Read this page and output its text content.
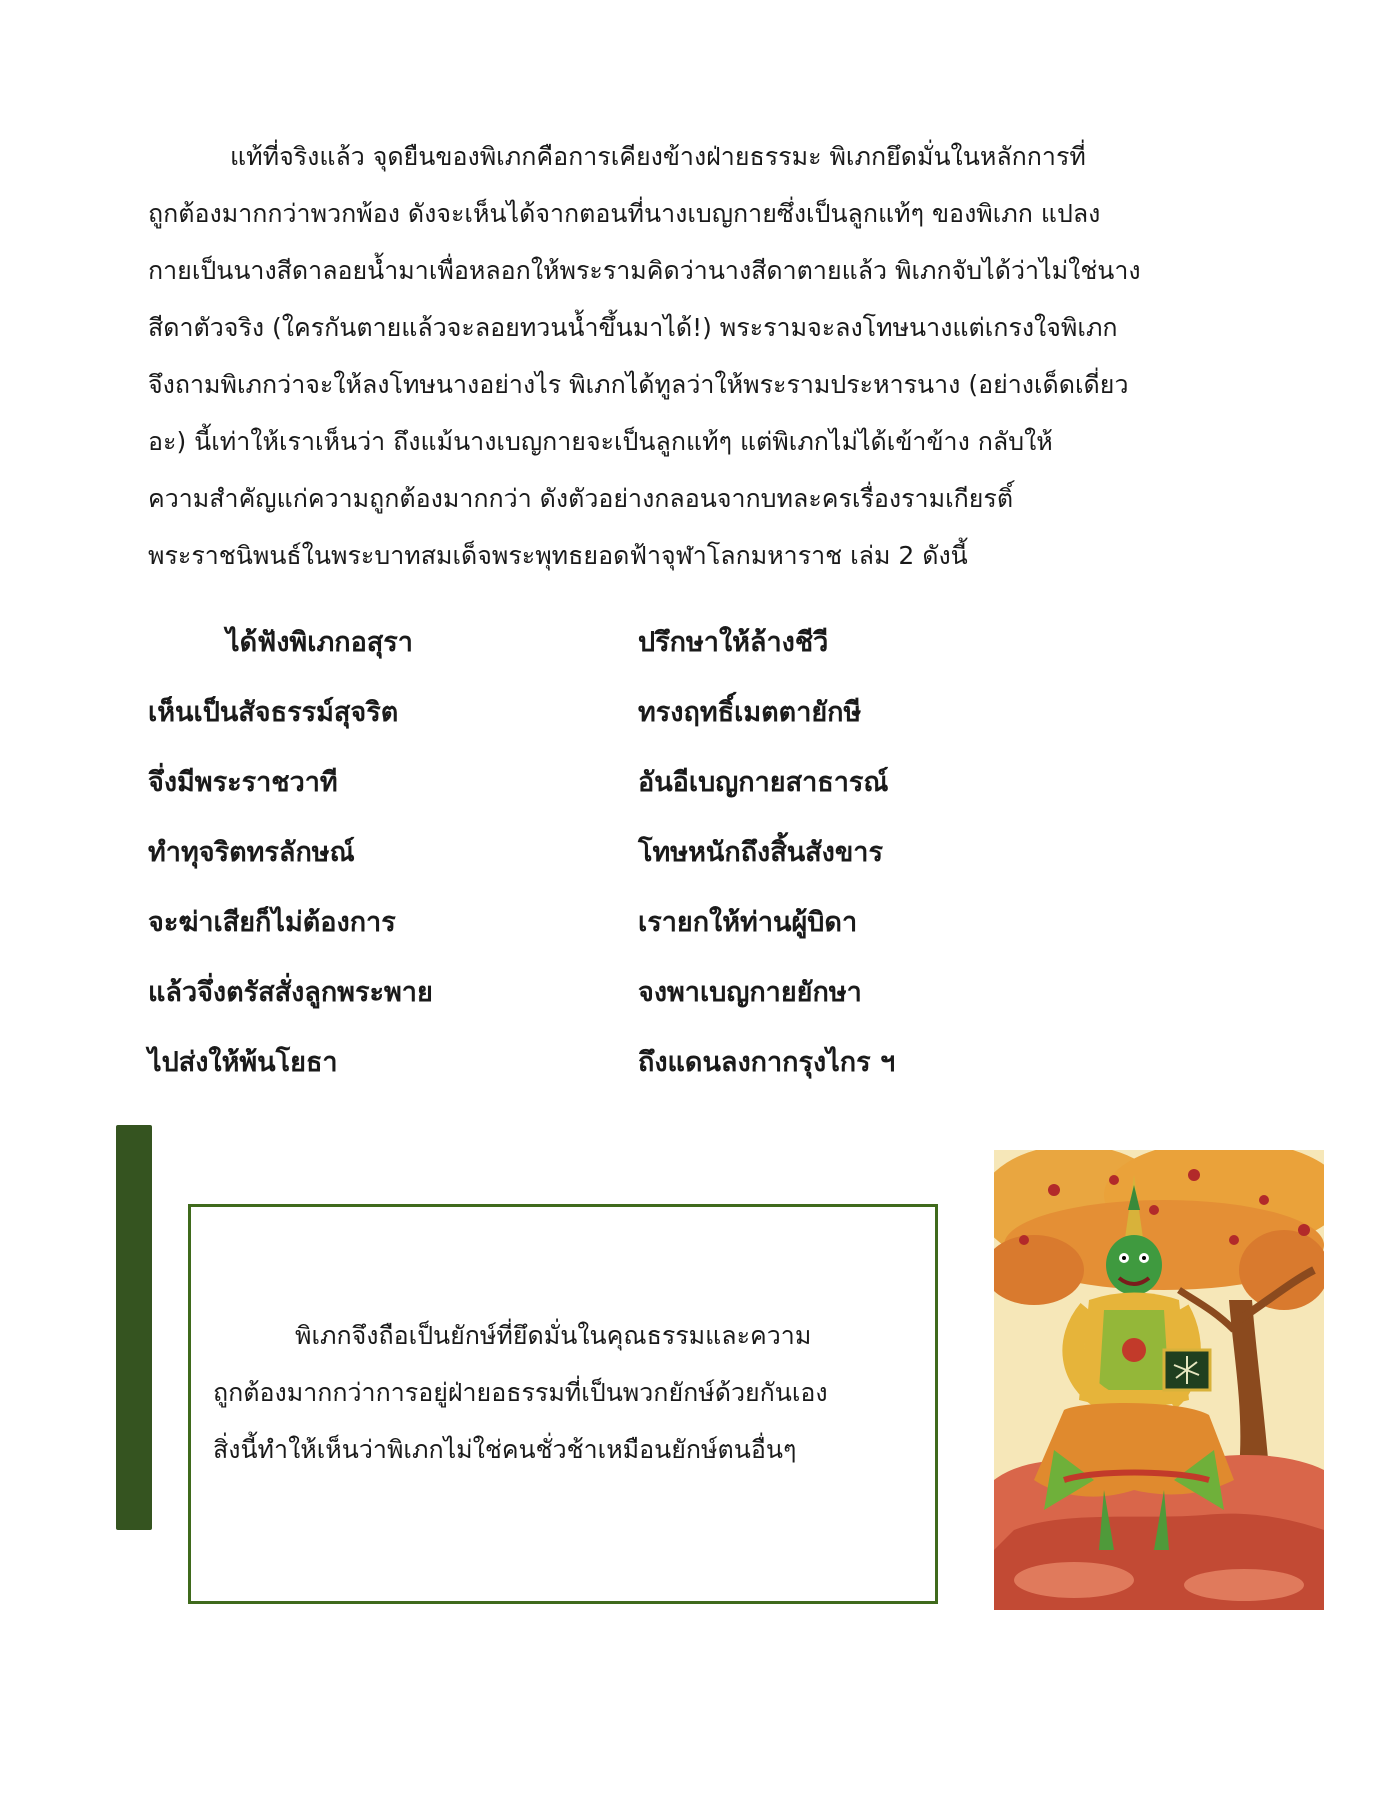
แท้ที่จริงแล้ว จุดยืนของพิเภกคือการเคียงข้างฝ่ายธรรมะ พิเภกยึดมั่นในหลักการที่
ถูกต้องมากกว่าพวกพ้อง ดังจะเห็นได้จากตอนที่นางเบญกายซึ่งเป็นลูกแท้ๆ ของพิเภก แปลง
กายเป็นนางสีดาลอยน้ำมาเพื่อหลอกให้พระรามคิดว่านางสีดาตายแล้ว พิเภกจับได้ว่าไม่ใช่นาง
สีดาตัวจริง (ใครกันตายแล้วจะลอยทวนน้ำขึ้นมาได้!) พระรามจะลงโทษนางแต่เกรงใจพิเภก
จึงถามพิเภกว่าจะให้ลงโทษนางอย่างไร พิเภกได้ทูลว่าให้พระรามประหารนาง (อย่างเด็ดเดี่ยว
อะ) นี้เท่าให้เราเห็นว่า ถึงแม้นางเบญกายจะเป็นลูกแท้ๆ แต่พิเภกไม่ได้เข้าข้าง กลับให้
ความสำคัญแก่ความถูกต้องมากกว่า ดังตัวอย่างกลอนจากบทละครเรื่องรามเกียรติ์
พระราชนิพนธ์ในพระบาทสมเด็จพระพุทธยอดฟ้าจุฬาโลกมหาราช เล่ม 2 ดังนี้
ได้ฟังพิเภกอสุรา	ปรึกษาให้ล้างชีวี
เห็นเป็นสัจธรรม์สุจริต	ทรงฤทธิ์เมตตายักษี
จึ่งมีพระราชวาที	อันอีเบญกายสาธารณ์
ทำทุจริตทรลักษณ์	โทษหนักถึงสิ้นสังขาร
จะฆ่าเสียก็ไม่ต้องการ	เรายกให้ท่านผู้บิดา
แล้วจึ่งตรัสสั่งลูกพระพาย	จงพาเบญกายยักษา
ไปส่งให้พ้นโยธา	ถึงแดนลงกากรุงไกร ฯ
พิเภกจึงถือเป็นยักษ์ที่ยึดมั่นในคุณธรรมและความ
ถูกต้องมากกว่าการอยู่ฝ่ายอธรรมที่เป็นพวกยักษ์ด้วยกันเอง
สิ่งนี้ทำให้เห็นว่าพิเภกไม่ใช่คนชั่วช้าเหมือนยักษ์ตนอื่นๆ
